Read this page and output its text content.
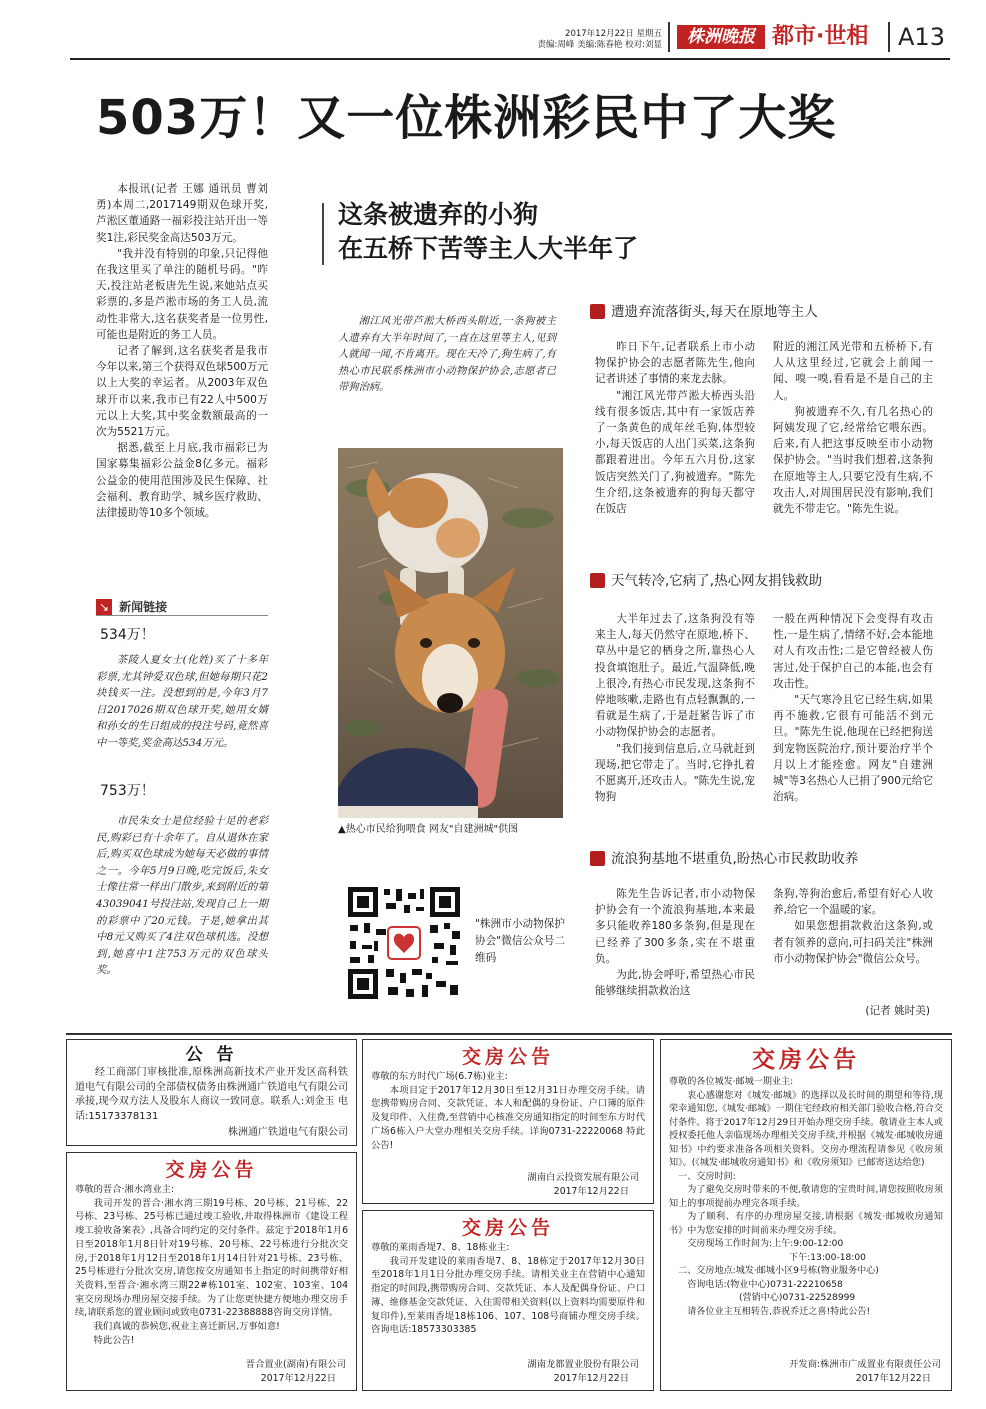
2017年12月22日 星期五
责编:周峰 美编:陈春艳 校对:刘显	株洲晚报 都市·世相 A13
503万！又一位株洲彩民中了大奖

本报讯(记者 王娜 通讯员 曹刘勇)本周二,2017149期双色球开奖,芦淞区董通路一福彩投注站开出一等奖1注,彩民奖金高达503万元。

"我并没有特别的印象,只记得他在我这里买了单注的随机号码。"昨天,投注站老板唐先生说,来她站点买彩票的,多是芦淞市场的务工人员,流动性非常大,这名获奖者是一位男性,可能也是附近的务工人员。

记者了解到,这名获奖者是我市今年以来,第三个获得双色球500万元以上大奖的幸运者。从2003年双色球开市以来,我市已有22人中500万元以上大奖,其中奖金数额最高的一次为5521万元。

据悉,截至上月底,我市福彩已为国家募集福彩公益金8亿多元。福彩公益金的使用范围涉及民生保障、社会福利、教育助学、城乡医疗救助、法律援助等10多个领域。

↘ 新闻链接
534万！

茶陵人夏女士(化姓)买了十多年彩票,尤其钟爱双色球,但她每期只花2块钱买一注。没想到的是,今年3月7日2017026期双色球开奖,她用女婿和孙女的生日组成的投注号码,竟然喜中一等奖,奖金高达534万元。

753万！

市民朱女士是位经验十足的老彩民,购彩已有十余年了。自从退休在家后,购买双色球成为她每天必做的事情之一。今年5月9日晚,吃完饭后,朱女士像往常一样出门散步,来到附近的第43039041号投注站,发现自己上一期的彩票中了20元钱。于是,她拿出其中8元又购买了4注双色球机选。没想到,她喜中1注753万元的双色球头奖。

这条被遗弃的小狗
在五桥下苦等主人大半年了

湘江风光带芦淞大桥西头附近,一条狗被主人遗弃有大半年时间了,一直在这里等主人,见到人就闻一闻,不肯离开。现在天冷了,狗生病了,有热心市民联系株洲市小动物保护协会,志愿者已带狗治病。

▲热心市民给狗喂食 网友"自建洲城"供图
"株洲市小动物保护协会"微信公众号二维码
遭遗弃流落街头,每天在原地等主人

昨日下午,记者联系上市小动物保护协会的志愿者陈先生,他向记者讲述了事情的来龙去脉。

"湘江风光带芦淞大桥西头沿线有很多饭店,其中有一家饭店养了一条黄色的成年丝毛狗,体型较小,每天饭店的人出门买菜,这条狗都跟着进出。今年五六月份,这家饭店突然关门了,狗被遗弃。"陈先生介绍,这条被遗弃的狗每天都守在饭店

附近的湘江风光带和五桥桥下,有人从这里经过,它就会上前闻一闻、嗅一嗅,看看是不是自己的主人。

狗被遗弃不久,有几名热心的阿姨发现了它,经常给它喂东西。后来,有人把这事反映至市小动物保护协会。"当时我们想着,这条狗在原地等主人,只要它没有生病,不攻击人,对周围居民没有影响,我们就先不带走它。"陈先生说。

天气转冷,它病了,热心网友捐钱救助

大半年过去了,这条狗没有等来主人,每天仍然守在原地,桥下、草丛中是它的栖身之所,靠热心人投食填饱肚子。最近,气温降低,晚上很冷,有热心市民发现,这条狗不停地咳嗽,走路也有点轻飘飘的,一看就是生病了,于是赶紧告诉了市小动物保护协会的志愿者。

"我们接到信息后,立马就赶到现场,把它带走了。当时,它挣扎着不愿离开,还攻击人。"陈先生说,宠物狗

一般在两种情况下会变得有攻击性,一是生病了,情绪不好,会本能地对人有攻击性;二是它曾经被人伤害过,处于保护自己的本能,也会有攻击性。

"天气寒冷且它已经生病,如果再不施救,它很有可能活不到元旦。"陈先生说,他现在已经把狗送到宠物医院治疗,预计要治疗半个月以上才能痊愈。网友"自建洲城"等3名热心人已捐了900元给它治病。

流浪狗基地不堪重负,盼热心市民救助收养

陈先生告诉记者,市小动物保护协会有一个流浪狗基地,本来最多只能收养180多条狗,但是现在已经养了300多条,实在不堪重负。

为此,协会呼吁,希望热心市民能够继续捐款救治这

条狗,等狗治愈后,希望有好心人收养,给它一个温暖的家。

如果您想捐款救治这条狗,或者有领养的意向,可扫码关注"株洲市小动物保护协会"微信公众号。

(记者 姚时美)
公 告

经工商部门审核批准,原株洲高新技术产业开发区高科铁道电气有限公司的全部债权债务由株洲通广铁道电气有限公司承接,现今双方法人及股东人商议一致同意。联系人:刘金玉 电话:15173378131

株洲通广铁道电气有限公司
交房公告

尊敬的晋合·湘水湾业主:

我司开发的晋合·湘水湾三期19号栋、20号栋、21号栋、22号栋、23号栋、25号栋已通过竣工验收,并取得株洲市《建设工程竣工验收备案表》,具备合同约定的交付条件。兹定于2018年1月6日至2018年1月8日针对19号栋、20号栋、22号栋进行分批次交房,于2018年1月12日至2018年1月14日针对21号栋、23号栋、25号栋进行分批次交房,请您按交房通知书上指定的时间携带好相关资料,至晋合·湘水湾三期22#栋101室、102室、103室、104室交房现场办理房屋交接手续。为了让您更快捷方便地办理交房手续,请联系您的置业顾问或致电0731-22388888咨询交房详情。

我们真诚的恭候您,祝业主喜迁新居,万事如意!

特此公告!

晋合置业(湖南)有限公司
2017年12月22日
交房公告

尊敬的东方时代广场(6.7栋)业主:

本项目定于2017年12月30日至12月31日办理交房手续。请您携带购房合同、交款凭证、本人和配偶的身份证、户口簿的原件及复印件、入住费,至营销中心核准交房通知指定的时间至东方时代广场6栋入户大堂办理相关交房手续。详询0731-22220068 特此公告!

湖南白云投资发展有限公司
2017年12月22日
交房公告

尊敬的莱雨香堤7、8、18栋业主:

我司开发建设的莱雨香堤7、8、18栋定于2017年12月30日至2018年1月1日分批办理交房手续。请相关业主在营销中心通知指定的时间段,携带购房合同、交款凭证、本人及配偶身份证、户口簿、维修基金交款凭证、入住需带相关资料(以上资料均需要原件和复印件),至莱雨香堤18栋106、107、108号商铺办理交房手续。咨询电话:18573303385

湖南龙都置业股份有限公司
2017年12月22日
交房公告

尊敬的各位城发·邮城一期业主:

衷心感谢您对《城发·邮城》的选择以及长时间的期望和等待,现荣幸通知您,《城发·邮城》一期住宅经政府相关部门验收合格,符合交付条件。将于2017年12月29日开始办理交房手续。敬请业主本人或授权委托他人亲临现场办理相关交房手续,并根据《城发·邮城收房通知书》中约要求准备各项相关资料。交房办理流程请参见《收房须知》。(《城发·邮城收房通知书》和《收房须知》已邮寄送达给您)

一、交房时间:

为了避免交房时带来的不便,敬请您的宝贵时间,请您按照收房须知上的事项提前办理完各项手续。

为了顺利、有序的办理房屋交接,请根据《城发·邮城收房通知书》中为您安排的时间前来办理交房手续。

交房现场工作时间为:上午:9:00-12:00

下午:13:00-18:00

二、交房地点:城发·邮城小区9号栋(物业服务中心)

咨询电话:(物业中心)0731-22210658

(营销中心)0731-22528999

请各位业主互相转告,恭祝乔迁之喜!特此公告!

开发商:株洲市广成置业有限责任公司
2017年12月22日
